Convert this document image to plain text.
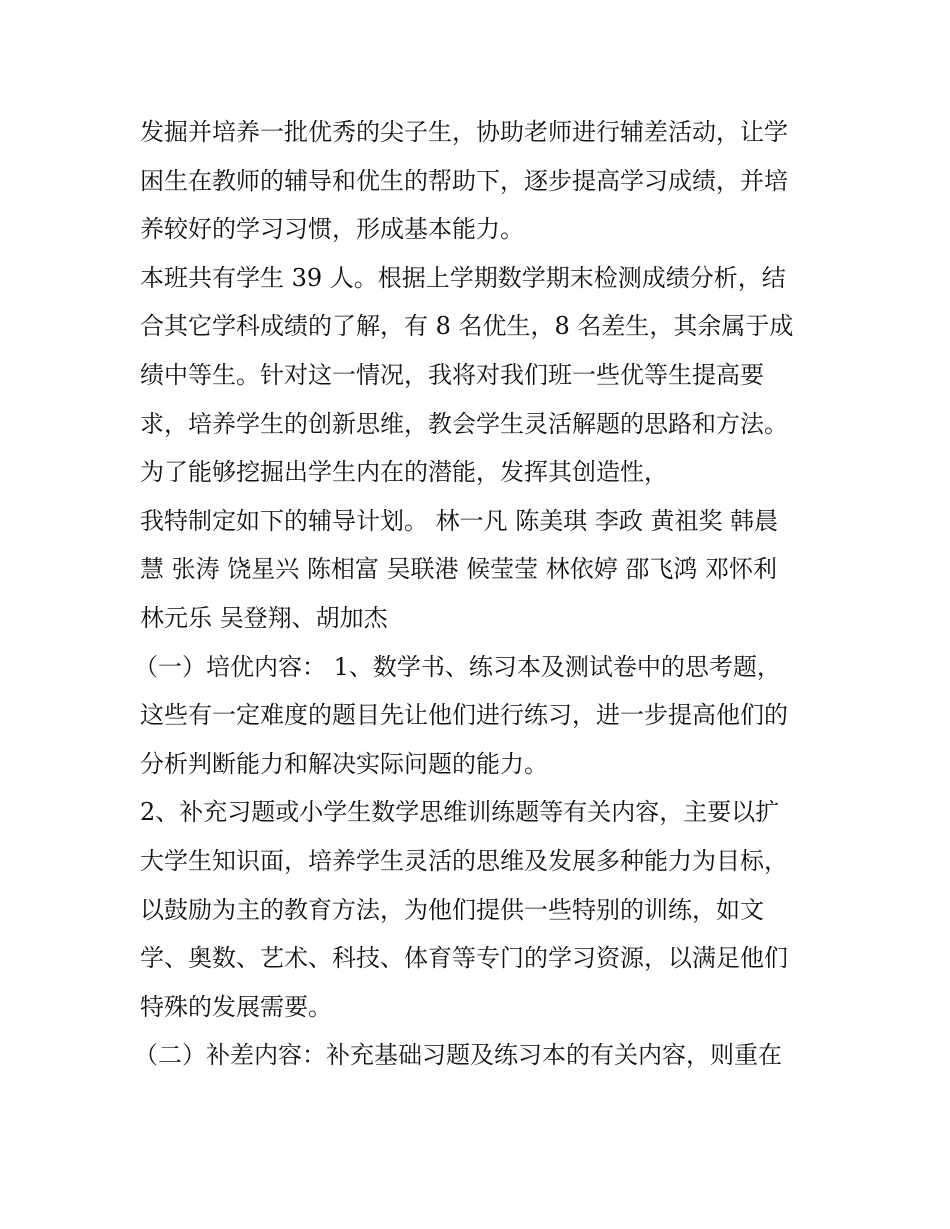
发掘并培养一批优秀的尖子生，协助老师进行辅差活动，让学
困生在教师的辅导和优生的帮助下，逐步提高学习成绩，并培
养较好的学习习惯，形成基本能力。
本班共有学生 39 人。根据上学期数学期末检测成绩分析，结
合其它学科成绩的了解，有 8 名优生，8 名差生，其余属于成
绩中等生。针对这一情况，我将对我们班一些优等生提高要
求，培养学生的创新思维，教会学生灵活解题的思路和方法。
为了能够挖掘出学生内在的潜能，发挥其创造性，
我特制定如下的辅导计划。 林一凡 陈美琪 李政 黄祖奖 韩晨
慧 张涛 饶星兴 陈相富 吴联港 候莹莹 林依婷 邵飞鸿 邓怀利
林元乐 吴登翔、胡加杰
（一）培优内容： 1、数学书、练习本及测试卷中的思考题，
这些有一定难度的题目先让他们进行练习，进一步提高他们的
分析判断能力和解决实际问题的能力。
2、补充习题或小学生数学思维训练题等有关内容，主要以扩
大学生知识面，培养学生灵活的思维及发展多种能力为目标，
以鼓励为主的教育方法，为他们提供一些特别的训练，如文
学、奥数、艺术、科技、体育等专门的学习资源，以满足他们
特殊的发展需要。
（二）补差内容：补充基础习题及练习本的有关内容，则重在
